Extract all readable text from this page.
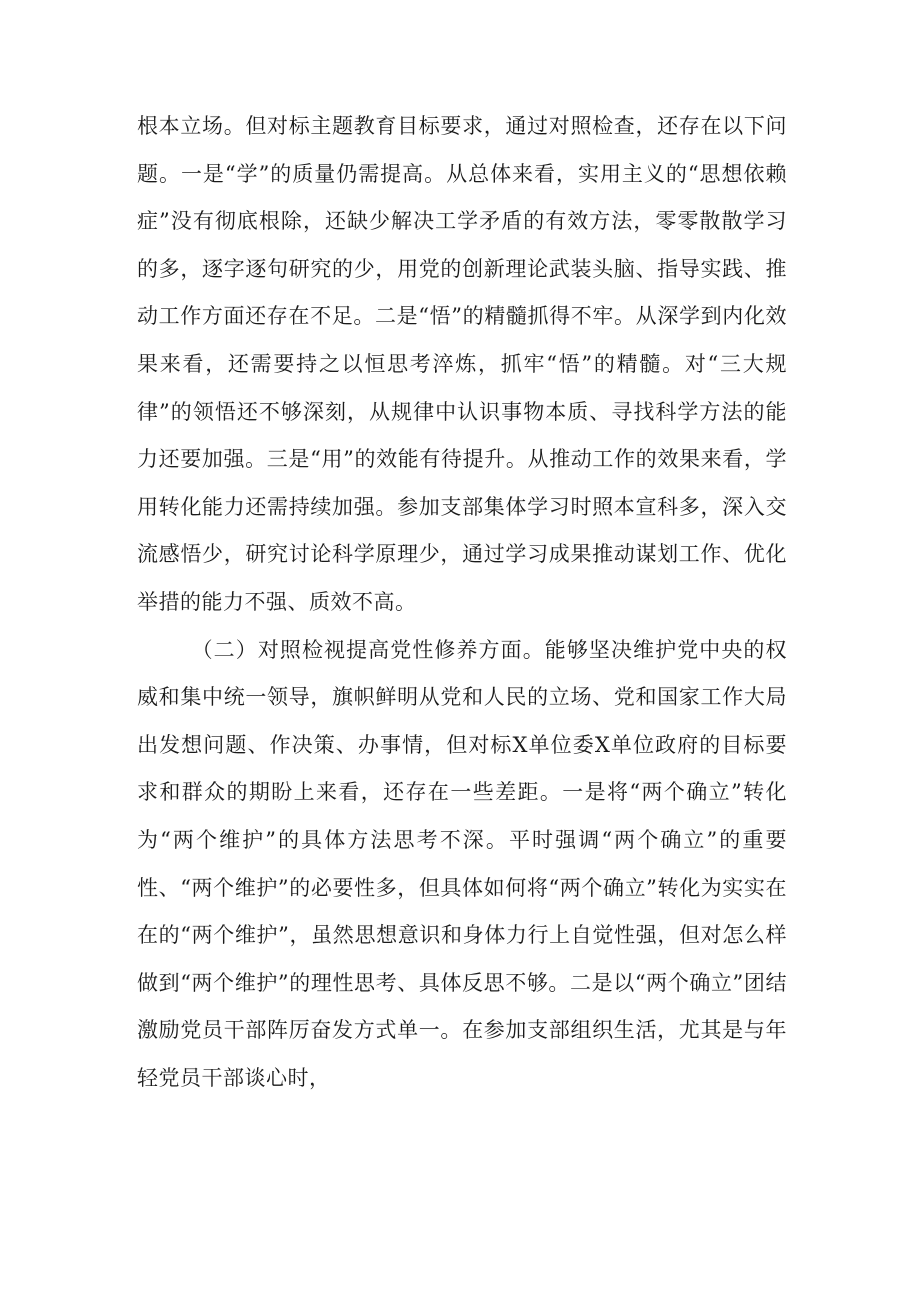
根本立场。但对标主题教育目标要求，通过对照检查，还存在以下问题。一是“学”的质量仍需提高。从总体来看，实用主义的“思想依赖症”没有彻底根除，还缺少解决工学矛盾的有效方法，零零散散学习的多，逐字逐句研究的少，用党的创新理论武装头脑、指导实践、推动工作方面还存在不足。二是“悟”的精髓抓得不牢。从深学到内化效果来看，还需要持之以恒思考淬炼，抓牢“悟”的精髓。对“三大规律”的领悟还不够深刻，从规律中认识事物本质、寻找科学方法的能力还要加强。三是“用”的效能有待提升。从推动工作的效果来看，学用转化能力还需持续加强。参加支部集体学习时照本宣科多，深入交流感悟少，研究讨论科学原理少，通过学习成果推动谋划工作、优化举措的能力不强、质效不高。

（二）对照检视提高党性修养方面。能够坚决维护党中央的权威和集中统一领导，旗帜鲜明从党和人民的立场、党和国家工作大局出发想问题、作决策、办事情，但对标X单位委X单位政府的目标要求和群众的期盼上来看，还存在一些差距。一是将“两个确立”转化为“两个维护”的具体方法思考不深。平时强调“两个确立”的重要性、“两个维护”的必要性多，但具体如何将“两个确立”转化为实实在在的“两个维护”，虽然思想意识和身体力行上自觉性强，但对怎么样做到“两个维护”的理性思考、具体反思不够。二是以“两个确立”团结激励党员干部阵厉奋发方式单一。在参加支部组织生活，尤其是与年轻党员干部谈心时，
